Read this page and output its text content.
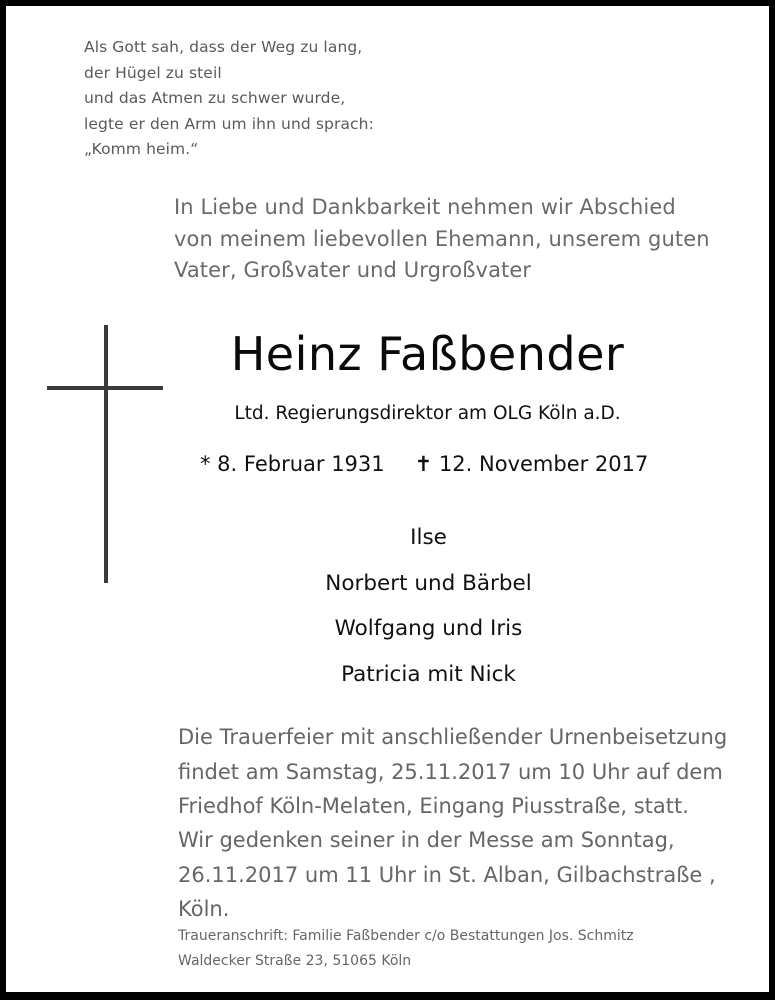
Als Gott sah, dass der Weg zu lang,
der Hügel zu steil
und das Atmen zu schwer wurde,
legte er den Arm um ihn und sprach:
„Komm heim.“
In Liebe und Dankbarkeit nehmen wir Abschied
von meinem liebevollen Ehemann, unserem guten
Vater, Großvater und Urgroßvater
Heinz Faßbender
Ltd. Regierungsdirektor am OLG Köln a.D.
* 8. Februar 1931 ✝ 12. November 2017
Ilse
Norbert und Bärbel
Wolfgang und Iris
Patricia mit Nick
Die Trauerfeier mit anschließender Urnenbeisetzung
findet am Samstag, 25.11.2017 um 10 Uhr auf dem
Friedhof Köln-Melaten, Eingang Piusstraße, statt.
Wir gedenken seiner in der Messe am Sonntag,
26.11.2017 um 11 Uhr in St. Alban, Gilbachstraße ,
Köln.
Traueranschrift: Familie Faßbender c/o Bestattungen Jos. Schmitz
Waldecker Straße 23, 51065 Köln
